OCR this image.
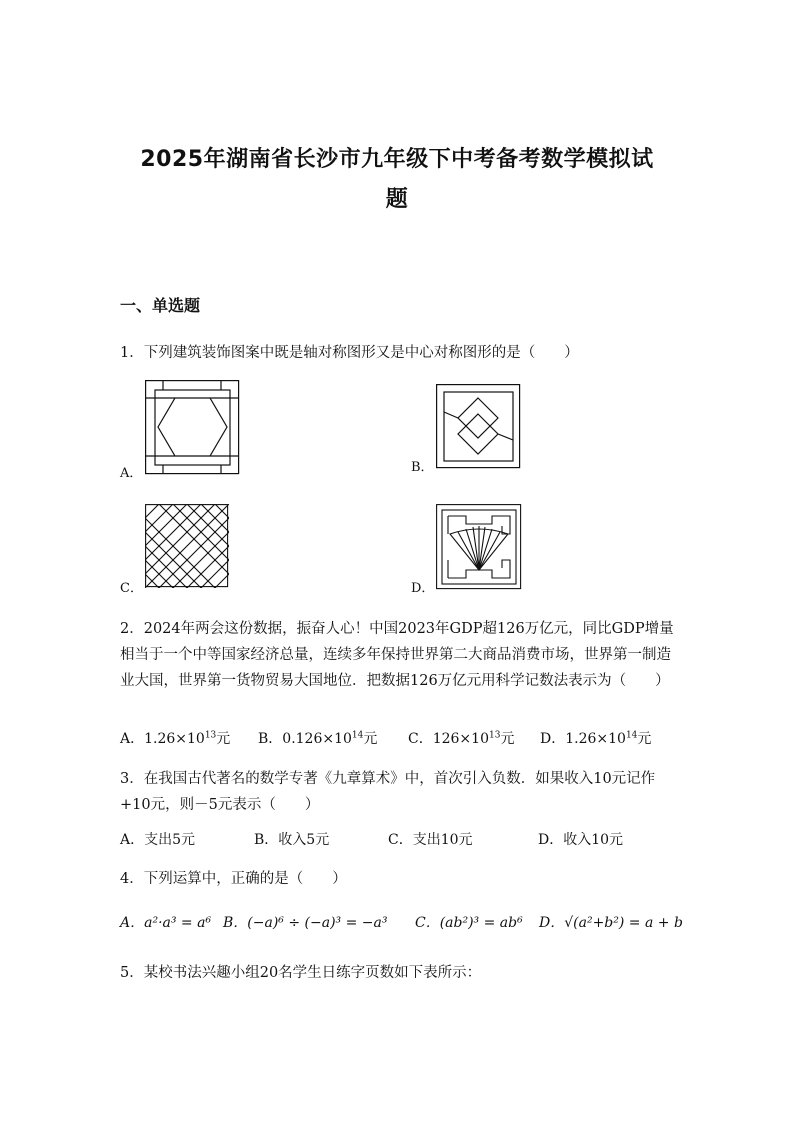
2025年湖南省长沙市九年级下中考备考数学模拟试
题
一、单选题
1．下列建筑装饰图案中既是轴对称图形又是中心对称图形的是（　　）
A．	B．
C．	D．
2．2024年两会这份数据，振奋人心！中国2023年GDP超126万亿元，同比GDP增量相当于一个中等国家经济总量，连续多年保持世界第二大商品消费市场，世界第一制造业大国，世界第一货物贸易大国地位．把数据126万亿元用科学记数法表示为（　　）
A．$1.26\times 10^{13}$元	B．$0.126\times 10^{14}$元	C．$126\times 10^{13}$元	D．$1.26\times 10^{14}$元
3．在我国古代著名的数学专著《九章算术》中，首次引入负数．如果收入10元记作+10元，则－5元表示（　　）
A．支出5元	B．收入5元	C．支出10元	D．收入10元
4．下列运算中，正确的是（　　）
A．a²·a³ = a⁶ B．(−a)⁶ ÷ (−a)³ = −a³	C．(ab²)³ = ab⁶	D．√(a²+b²) = a + b
5．某校书法兴趣小组20名学生日练字页数如下表所示：
